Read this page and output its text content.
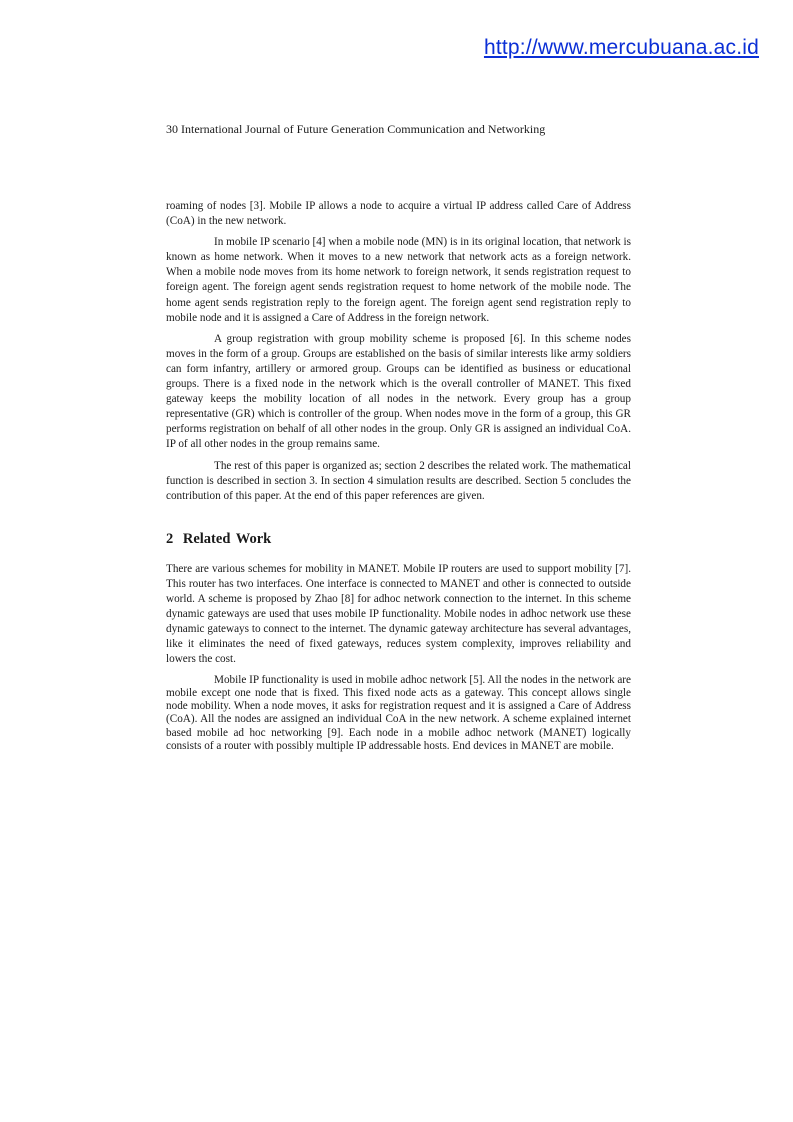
http://www.mercubuana.ac.id
30 International Journal of Future Generation Communication and Networking

roaming of nodes [3]. Mobile IP allows a node to acquire a virtual IP address called Care of Address (CoA) in the new network.

In mobile IP scenario [4] when a mobile node (MN) is in its original location, that network is known as home network. When it moves to a new network that network acts as a foreign network. When a mobile node moves from its home network to foreign network, it sends registration request to foreign agent. The foreign agent sends registration request to home network of the mobile node. The home agent sends registration reply to the foreign agent. The foreign agent send registration reply to mobile node and it is assigned a Care of Address in the foreign network.

A group registration with group mobility scheme is proposed [6]. In this scheme nodes moves in the form of a group. Groups are established on the basis of similar interests like army soldiers can form infantry, artillery or armored group. Groups can be identified as business or educational groups. There is a fixed node in the network which is the overall controller of MANET. This fixed gateway keeps the mobility location of all nodes in the network. Every group has a group representative (GR) which is controller of the group. When nodes move in the form of a group, this GR performs registration on behalf of all other nodes in the group. Only GR is assigned an individual CoA. IP of all other nodes in the group remains same.

The rest of this paper is organized as; section 2 describes the related work. The mathematical function is described in section 3. In section 4 simulation results are described. Section 5 concludes the contribution of this paper. At the end of this paper references are given.

2 Related Work

There are various schemes for mobility in MANET. Mobile IP routers are used to support mobility [7]. This router has two interfaces. One interface is connected to MANET and other is connected to outside world. A scheme is proposed by Zhao [8] for adhoc network connection to the internet. In this scheme dynamic gateways are used that uses mobile IP functionality. Mobile nodes in adhoc network use these dynamic gateways to connect to the internet. The dynamic gateway architecture has several advantages, like it eliminates the need of fixed gateways, reduces system complexity, improves reliability and lowers the cost.

Mobile IP functionality is used in mobile adhoc network [5]. All the nodes in the network are mobile except one node that is fixed. This fixed node acts as a gateway. This concept allows single node mobility. When a node moves, it asks for registration request and it is assigned a Care of Address (CoA). All the nodes are assigned an individual CoA in the new network. A scheme explained internet based mobile ad hoc networking [9]. Each node in a mobile adhoc network (MANET) logically consists of a router with possibly multiple IP addressable hosts. End devices in MANET are mobile.
